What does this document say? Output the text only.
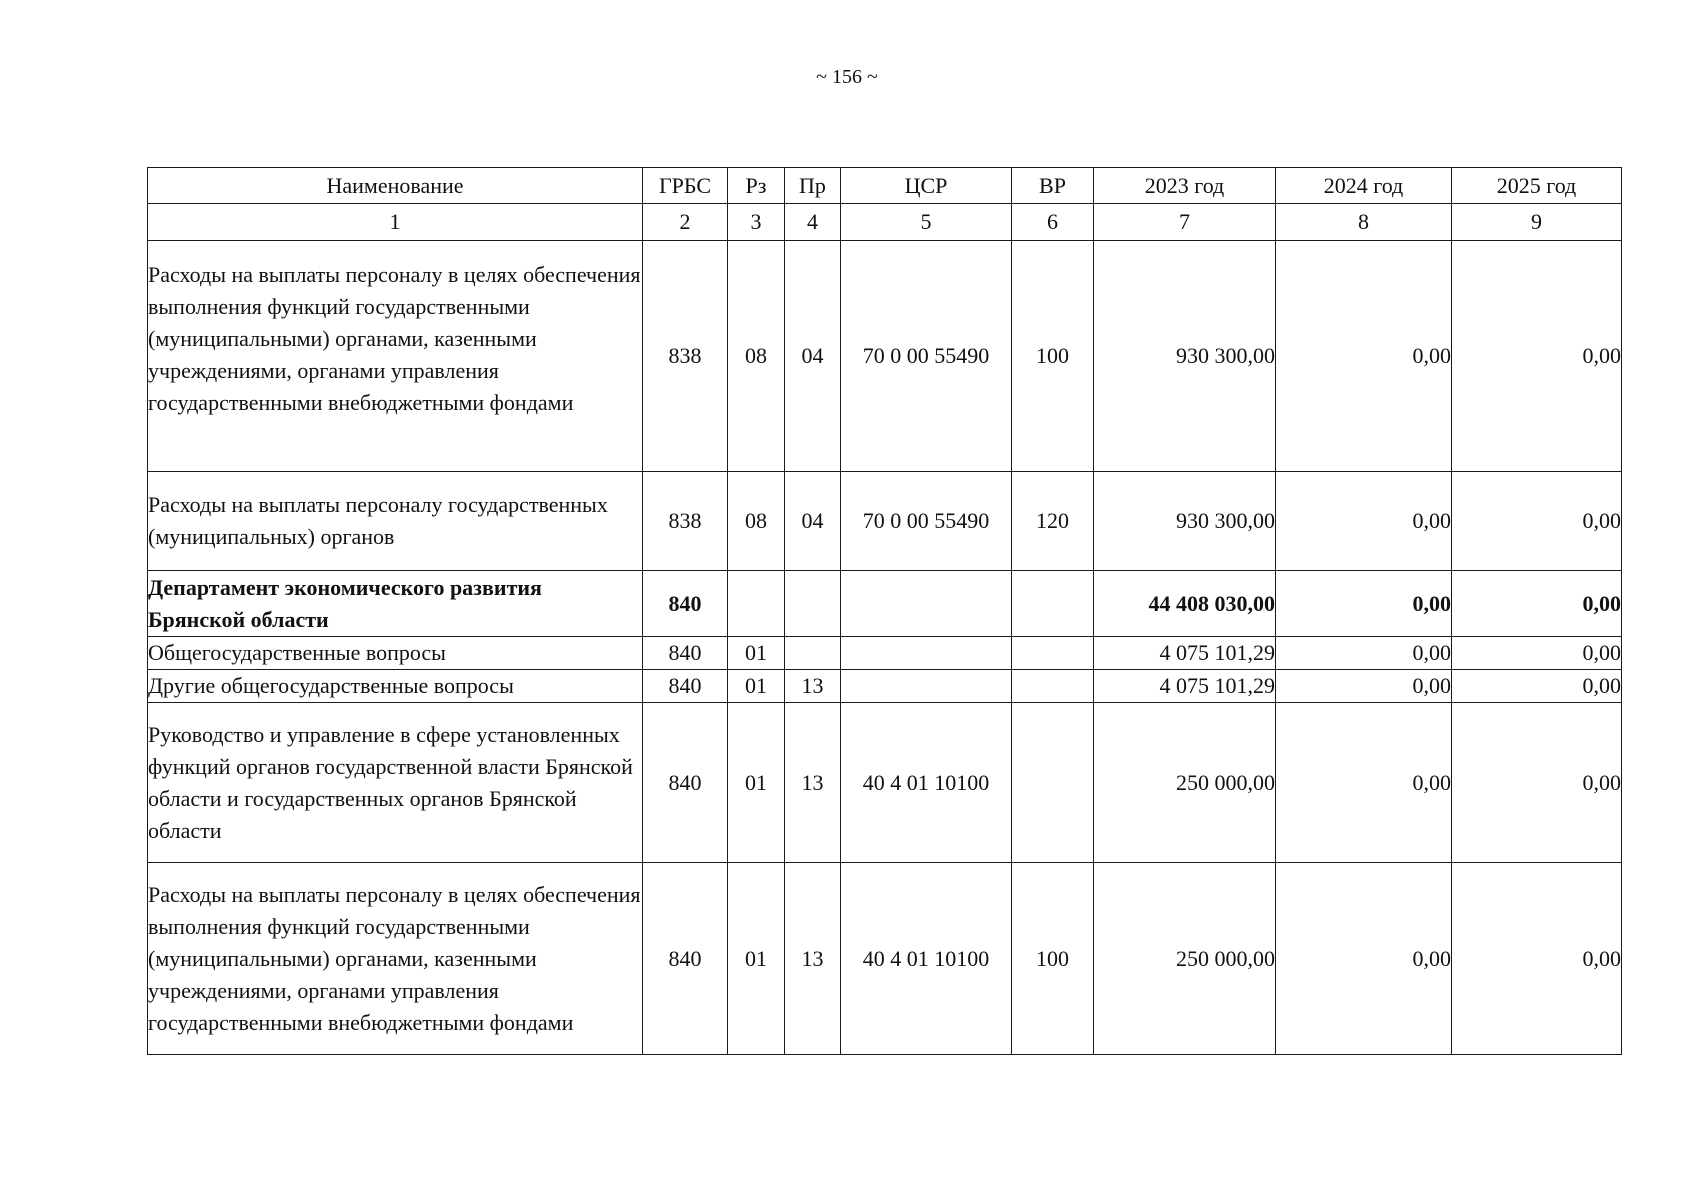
~ 156 ~
Наименование	ГРБС	Рз	Пр	ЦСР	ВР	2023 год	2024 год	2025 год
1	2	3	4	5	6	7	8	9
Расходы на выплаты персоналу в целях обеспечения выполнения функций государственными (муниципальными) органами, казенными учреждениями, органами управления государственными внебюджетными фондами	838	08	04	70 0 00 55490	100	930 300,00	0,00	0,00
Расходы на выплаты персоналу государственных (муниципальных) органов	838	08	04	70 0 00 55490	120	930 300,00	0,00	0,00
Департамент экономического развития Брянской области	840					44 408 030,00	0,00	0,00
Общегосударственные вопросы	840	01				4 075 101,29	0,00	0,00
Другие общегосударственные вопросы	840	01	13			4 075 101,29	0,00	0,00
Руководство и управление в сфере установленных функций органов государственной власти Брянской области и государственных органов Брянской области	840	01	13	40 4 01 10100		250 000,00	0,00	0,00
Расходы на выплаты персоналу в целях обеспечения выполнения функций государственными (муниципальными) органами, казенными учреждениями, органами управления государственными внебюджетными фондами	840	01	13	40 4 01 10100	100	250 000,00	0,00	0,00
